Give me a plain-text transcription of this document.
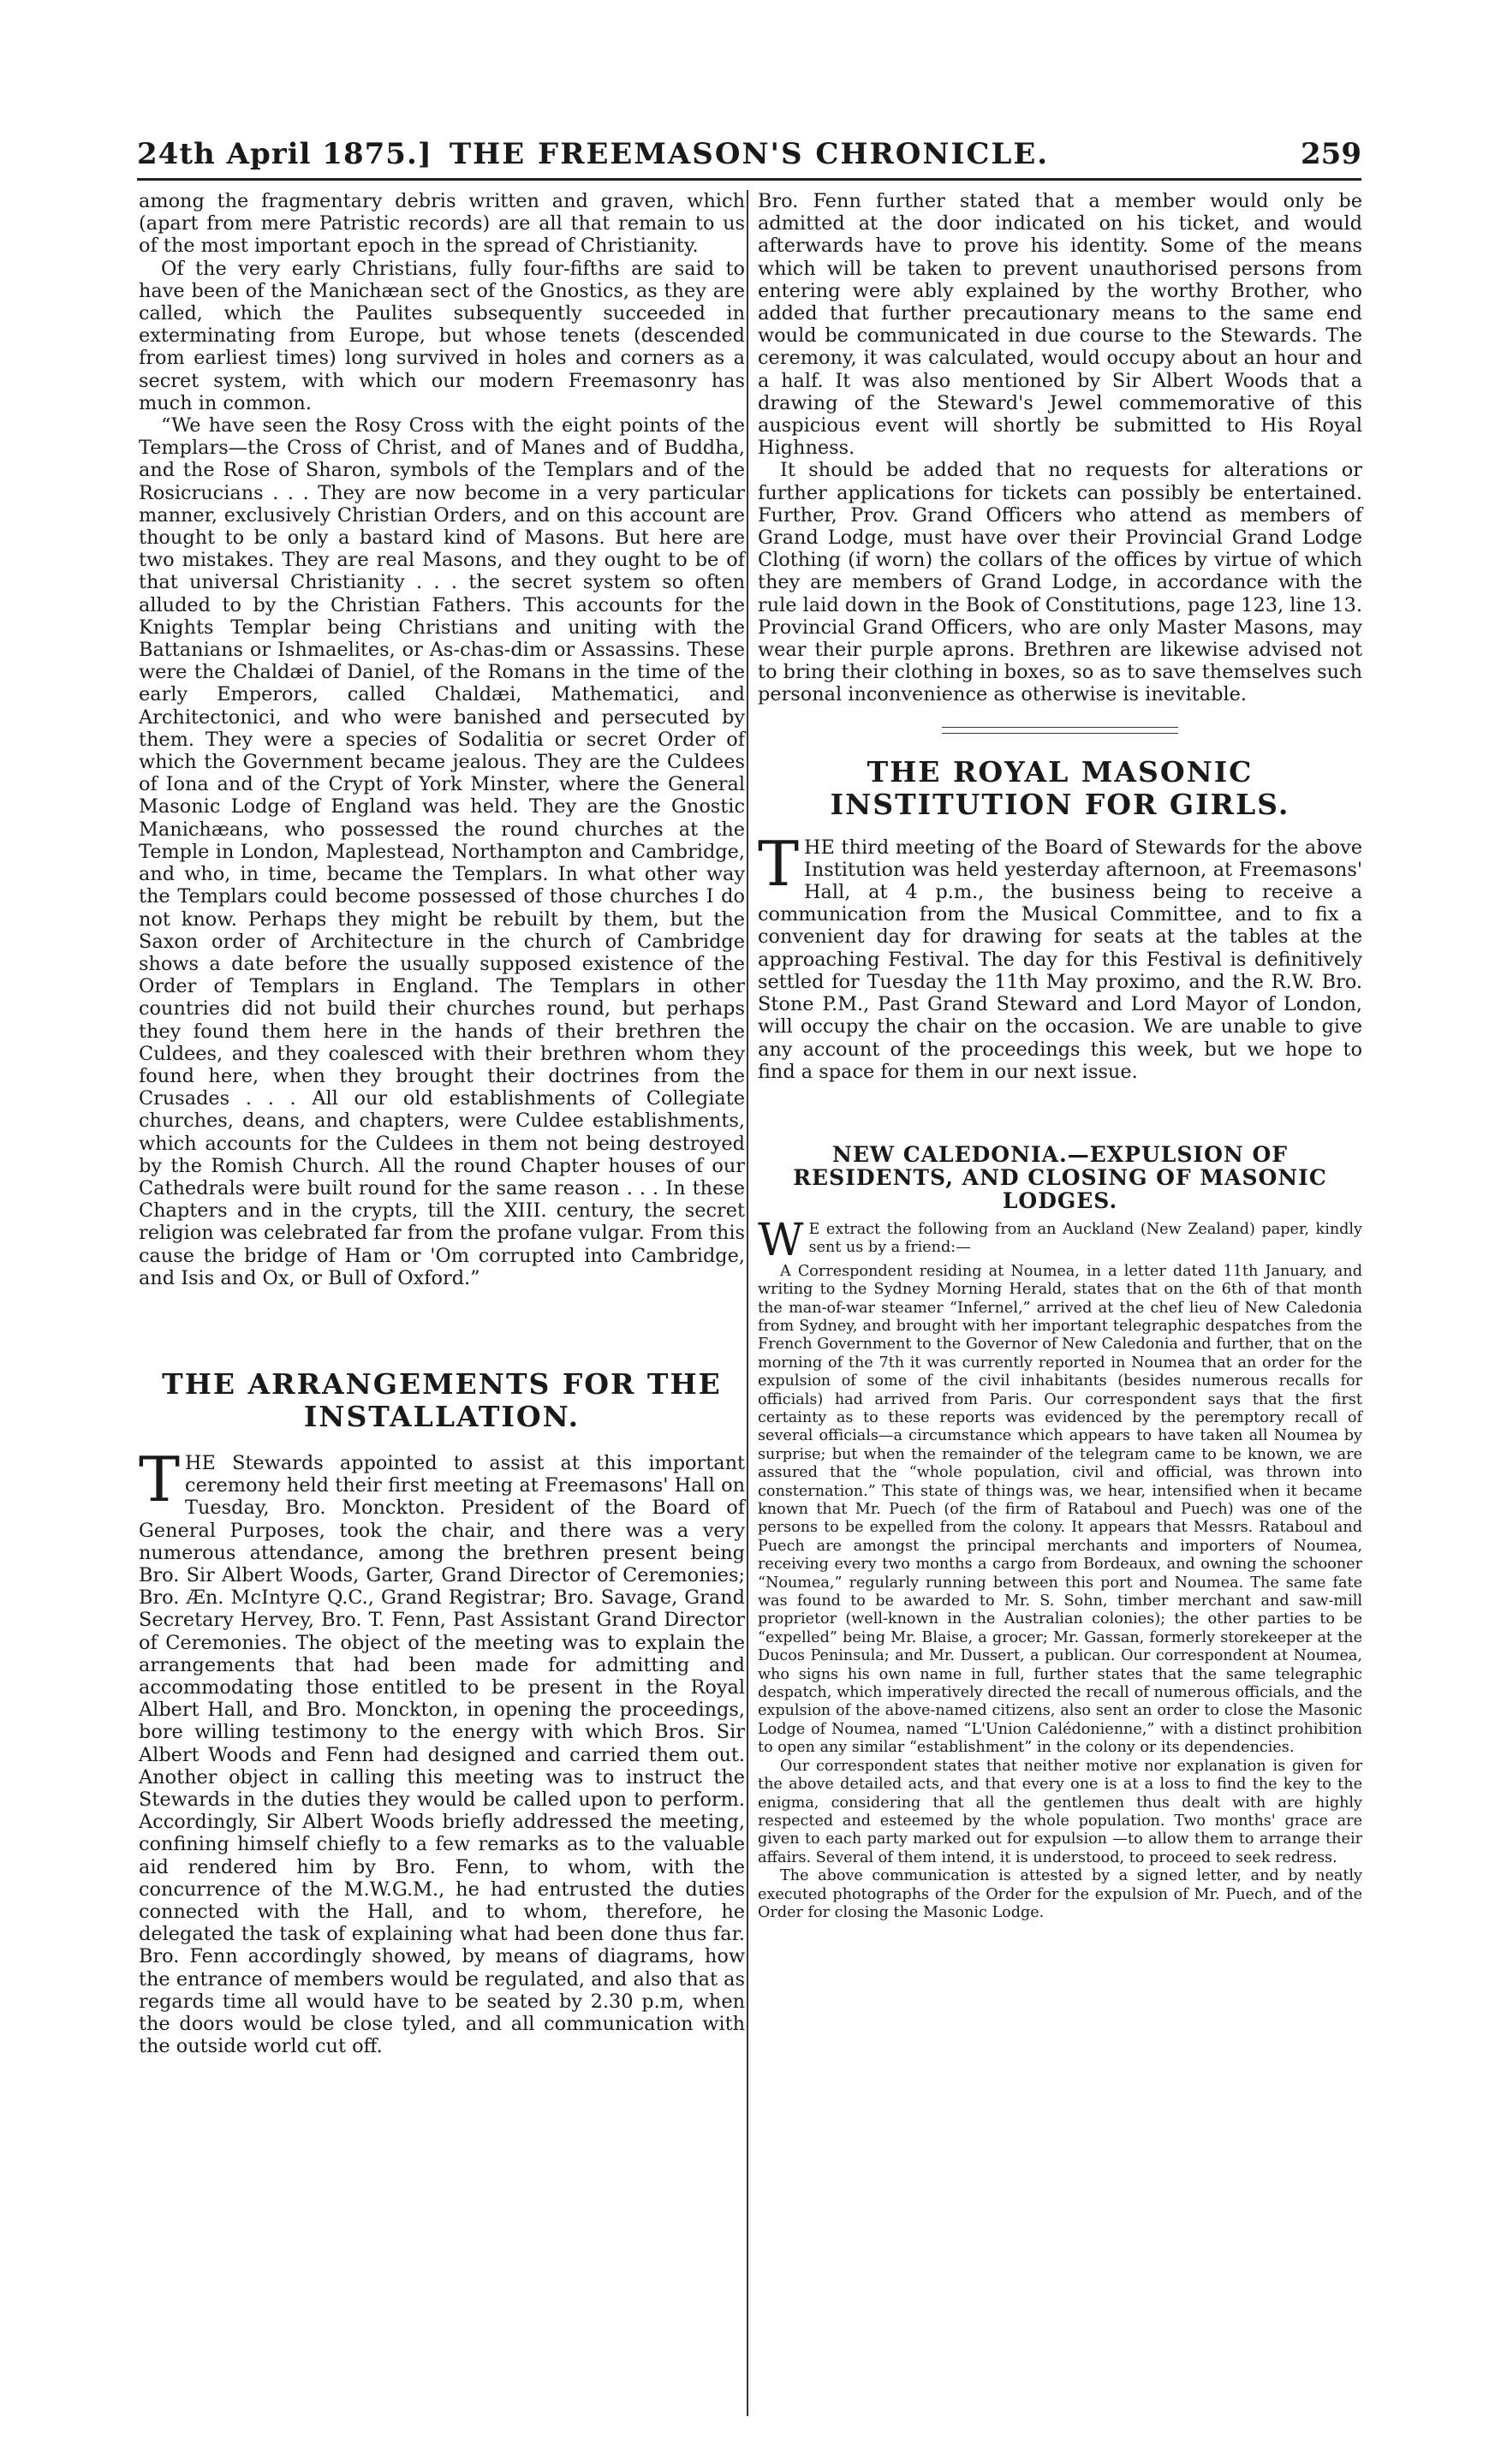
24th April 1875.] THE FREEMASON'S CHRONICLE.	259

among the fragmentary debris written and graven, which (apart from mere Patristic records) are all that remain to us of the most important epoch in the spread of Christianity.

Of the very early Christians, fully four-fifths are said to have been of the Manichæan sect of the Gnostics, as they are called, which the Paulites subsequently succeeded in exterminating from Europe, but whose tenets (descended from earliest times) long survived in holes and corners as a secret system, with which our modern Freemasonry has much in common.

“We have seen the Rosy Cross with the eight points of the Templars—the Cross of Christ, and of Manes and of Buddha, and the Rose of Sharon, symbols of the Templars and of the Rosicrucians . . . They are now become in a very particular manner, exclusively Christian Orders, and on this account are thought to be only a bastard kind of Masons. But here are two mistakes. They are real Masons, and they ought to be of that universal Christianity . . . the secret system so often alluded to by the Christian Fathers. This accounts for the Knights Templar being Christians and uniting with the Battanians or Ishmaelites, or As-chas-dim or Assassins. These were the Chaldæi of Daniel, of the Romans in the time of the early Emperors, called Chaldæi, Mathematici, and Architectonici, and who were banished and persecuted by them. They were a species of Sodalitia or secret Order of which the Government became jealous. They are the Culdees of Iona and of the Crypt of York Minster, where the General Masonic Lodge of England was held. They are the Gnostic Manichæans, who possessed the round churches at the Temple in London, Maplestead, Northampton and Cambridge, and who, in time, became the Templars. In what other way the Templars could become possessed of those churches I do not know. Perhaps they might be rebuilt by them, but the Saxon order of Architecture in the church of Cambridge shows a date before the usually supposed existence of the Order of Templars in England. The Templars in other countries did not build their churches round, but perhaps they found them here in the hands of their brethren the Culdees, and they coalesced with their brethren whom they found here, when they brought their doctrines from the Crusades . . . All our old establishments of Collegiate churches, deans, and chapters, were Culdee establishments, which accounts for the Culdees in them not being destroyed by the Romish Church. All the round Chapter houses of our Cathedrals were built round for the same reason . . . In these Chapters and in the crypts, till the XIII. century, the secret religion was celebrated far from the profane vulgar. From this cause the bridge of Ham or 'Om corrupted into Cambridge, and Isis and Ox, or Bull of Oxford.”

THE ARRANGEMENTS FOR THE INSTALLATION.

THE Stewards appointed to assist at this important ceremony held their first meeting at Freemasons' Hall on Tuesday, Bro. Monckton. President of the Board of General Purposes, took the chair, and there was a very numerous attendance, among the brethren present being Bro. Sir Albert Woods, Garter, Grand Director of Ceremonies; Bro. Æn. McIntyre Q.C., Grand Registrar; Bro. Savage, Grand Secretary Hervey, Bro. T. Fenn, Past Assistant Grand Director of Ceremonies. The object of the meeting was to explain the arrangements that had been made for admitting and accommodating those entitled to be present in the Royal Albert Hall, and Bro. Monckton, in opening the proceedings, bore willing testimony to the energy with which Bros. Sir Albert Woods and Fenn had designed and carried them out. Another object in calling this meeting was to instruct the Stewards in the duties they would be called upon to perform. Accordingly, Sir Albert Woods briefly addressed the meeting, confining himself chiefly to a few remarks as to the valuable aid rendered him by Bro. Fenn, to whom, with the concurrence of the M.W.G.M., he had entrusted the duties connected with the Hall, and to whom, therefore, he delegated the task of explaining what had been done thus far. Bro. Fenn accordingly showed, by means of diagrams, how the entrance of members would be regulated, and also that as regards time all would have to be seated by 2.30 p.m, when the doors would be close tyled, and all communication with the outside world cut off.

Bro. Fenn further stated that a member would only be admitted at the door indicated on his ticket, and would afterwards have to prove his identity. Some of the means which will be taken to prevent unauthorised persons from entering were ably explained by the worthy Brother, who added that further precautionary means to the same end would be communicated in due course to the Stewards. The ceremony, it was calculated, would occupy about an hour and a half. It was also mentioned by Sir Albert Woods that a drawing of the Steward's Jewel commemorative of this auspicious event will shortly be submitted to His Royal Highness.

It should be added that no requests for alterations or further applications for tickets can possibly be entertained. Further, Prov. Grand Officers who attend as members of Grand Lodge, must have over their Provincial Grand Lodge Clothing (if worn) the collars of the offices by virtue of which they are members of Grand Lodge, in accordance with the rule laid down in the Book of Constitutions, page 123, line 13. Provincial Grand Officers, who are only Master Masons, may wear their purple aprons. Brethren are likewise advised not to bring their clothing in boxes, so as to save themselves such personal inconvenience as otherwise is inevitable.

THE ROYAL MASONIC INSTITUTION FOR GIRLS.

THE third meeting of the Board of Stewards for the above Institution was held yesterday afternoon, at Freemasons' Hall, at 4 p.m., the business being to receive a communication from the Musical Committee, and to fix a convenient day for drawing for seats at the tables at the approaching Festival. The day for this Festival is definitively settled for Tuesday the 11th May proximo, and the R.W. Bro. Stone P.M., Past Grand Steward and Lord Mayor of London, will occupy the chair on the occasion. We are unable to give any account of the proceedings this week, but we hope to find a space for them in our next issue.

NEW CALEDONIA.—EXPULSION OF RESIDENTS, AND CLOSING OF MASONIC LODGES.

W E extract the following from an Auckland (New Zealand) paper, kindly sent us by a friend:—

A Correspondent residing at Noumea, in a letter dated 11th January, and writing to the Sydney Morning Herald, states that on the 6th of that month the man-of-war steamer “Infernel,” arrived at the chef lieu of New Caledonia from Sydney, and brought with her important telegraphic despatches from the French Government to the Governor of New Caledonia and further, that on the morning of the 7th it was currently reported in Noumea that an order for the expulsion of some of the civil inhabitants (besides numerous recalls for officials) had arrived from Paris. Our correspondent says that the first certainty as to these reports was evidenced by the peremptory recall of several officials—a circumstance which appears to have taken all Noumea by surprise; but when the remainder of the telegram came to be known, we are assured that the “whole population, civil and official, was thrown into consternation.” This state of things was, we hear, intensified when it became known that Mr. Puech (of the firm of Rataboul and Puech) was one of the persons to be expelled from the colony. It appears that Messrs. Rataboul and Puech are amongst the principal merchants and importers of Noumea, receiving every two months a cargo from Bordeaux, and owning the schooner “Noumea,” regularly running between this port and Noumea. The same fate was found to be awarded to Mr. S. Sohn, timber merchant and saw-mill proprietor (well-known in the Australian colonies); the other parties to be “expelled” being Mr. Blaise, a grocer; Mr. Gassan, formerly storekeeper at the Ducos Peninsula; and Mr. Dussert, a publican. Our correspondent at Noumea, who signs his own name in full, further states that the same telegraphic despatch, which imperatively directed the recall of numerous officials, and the expulsion of the above-named citizens, also sent an order to close the Masonic Lodge of Noumea, named “L'Union Calédonienne,” with a distinct prohibition to open any similar “establishment” in the colony or its dependencies.

Our correspondent states that neither motive nor explanation is given for the above detailed acts, and that every one is at a loss to find the key to the enigma, considering that all the gentlemen thus dealt with are highly respected and esteemed by the whole population. Two months' grace are given to each party marked out for expulsion —to allow them to arrange their affairs. Several of them intend, it is understood, to proceed to seek redress.

The above communication is attested by a signed letter, and by neatly executed photographs of the Order for the expulsion of Mr. Puech, and of the Order for closing the Masonic Lodge.
